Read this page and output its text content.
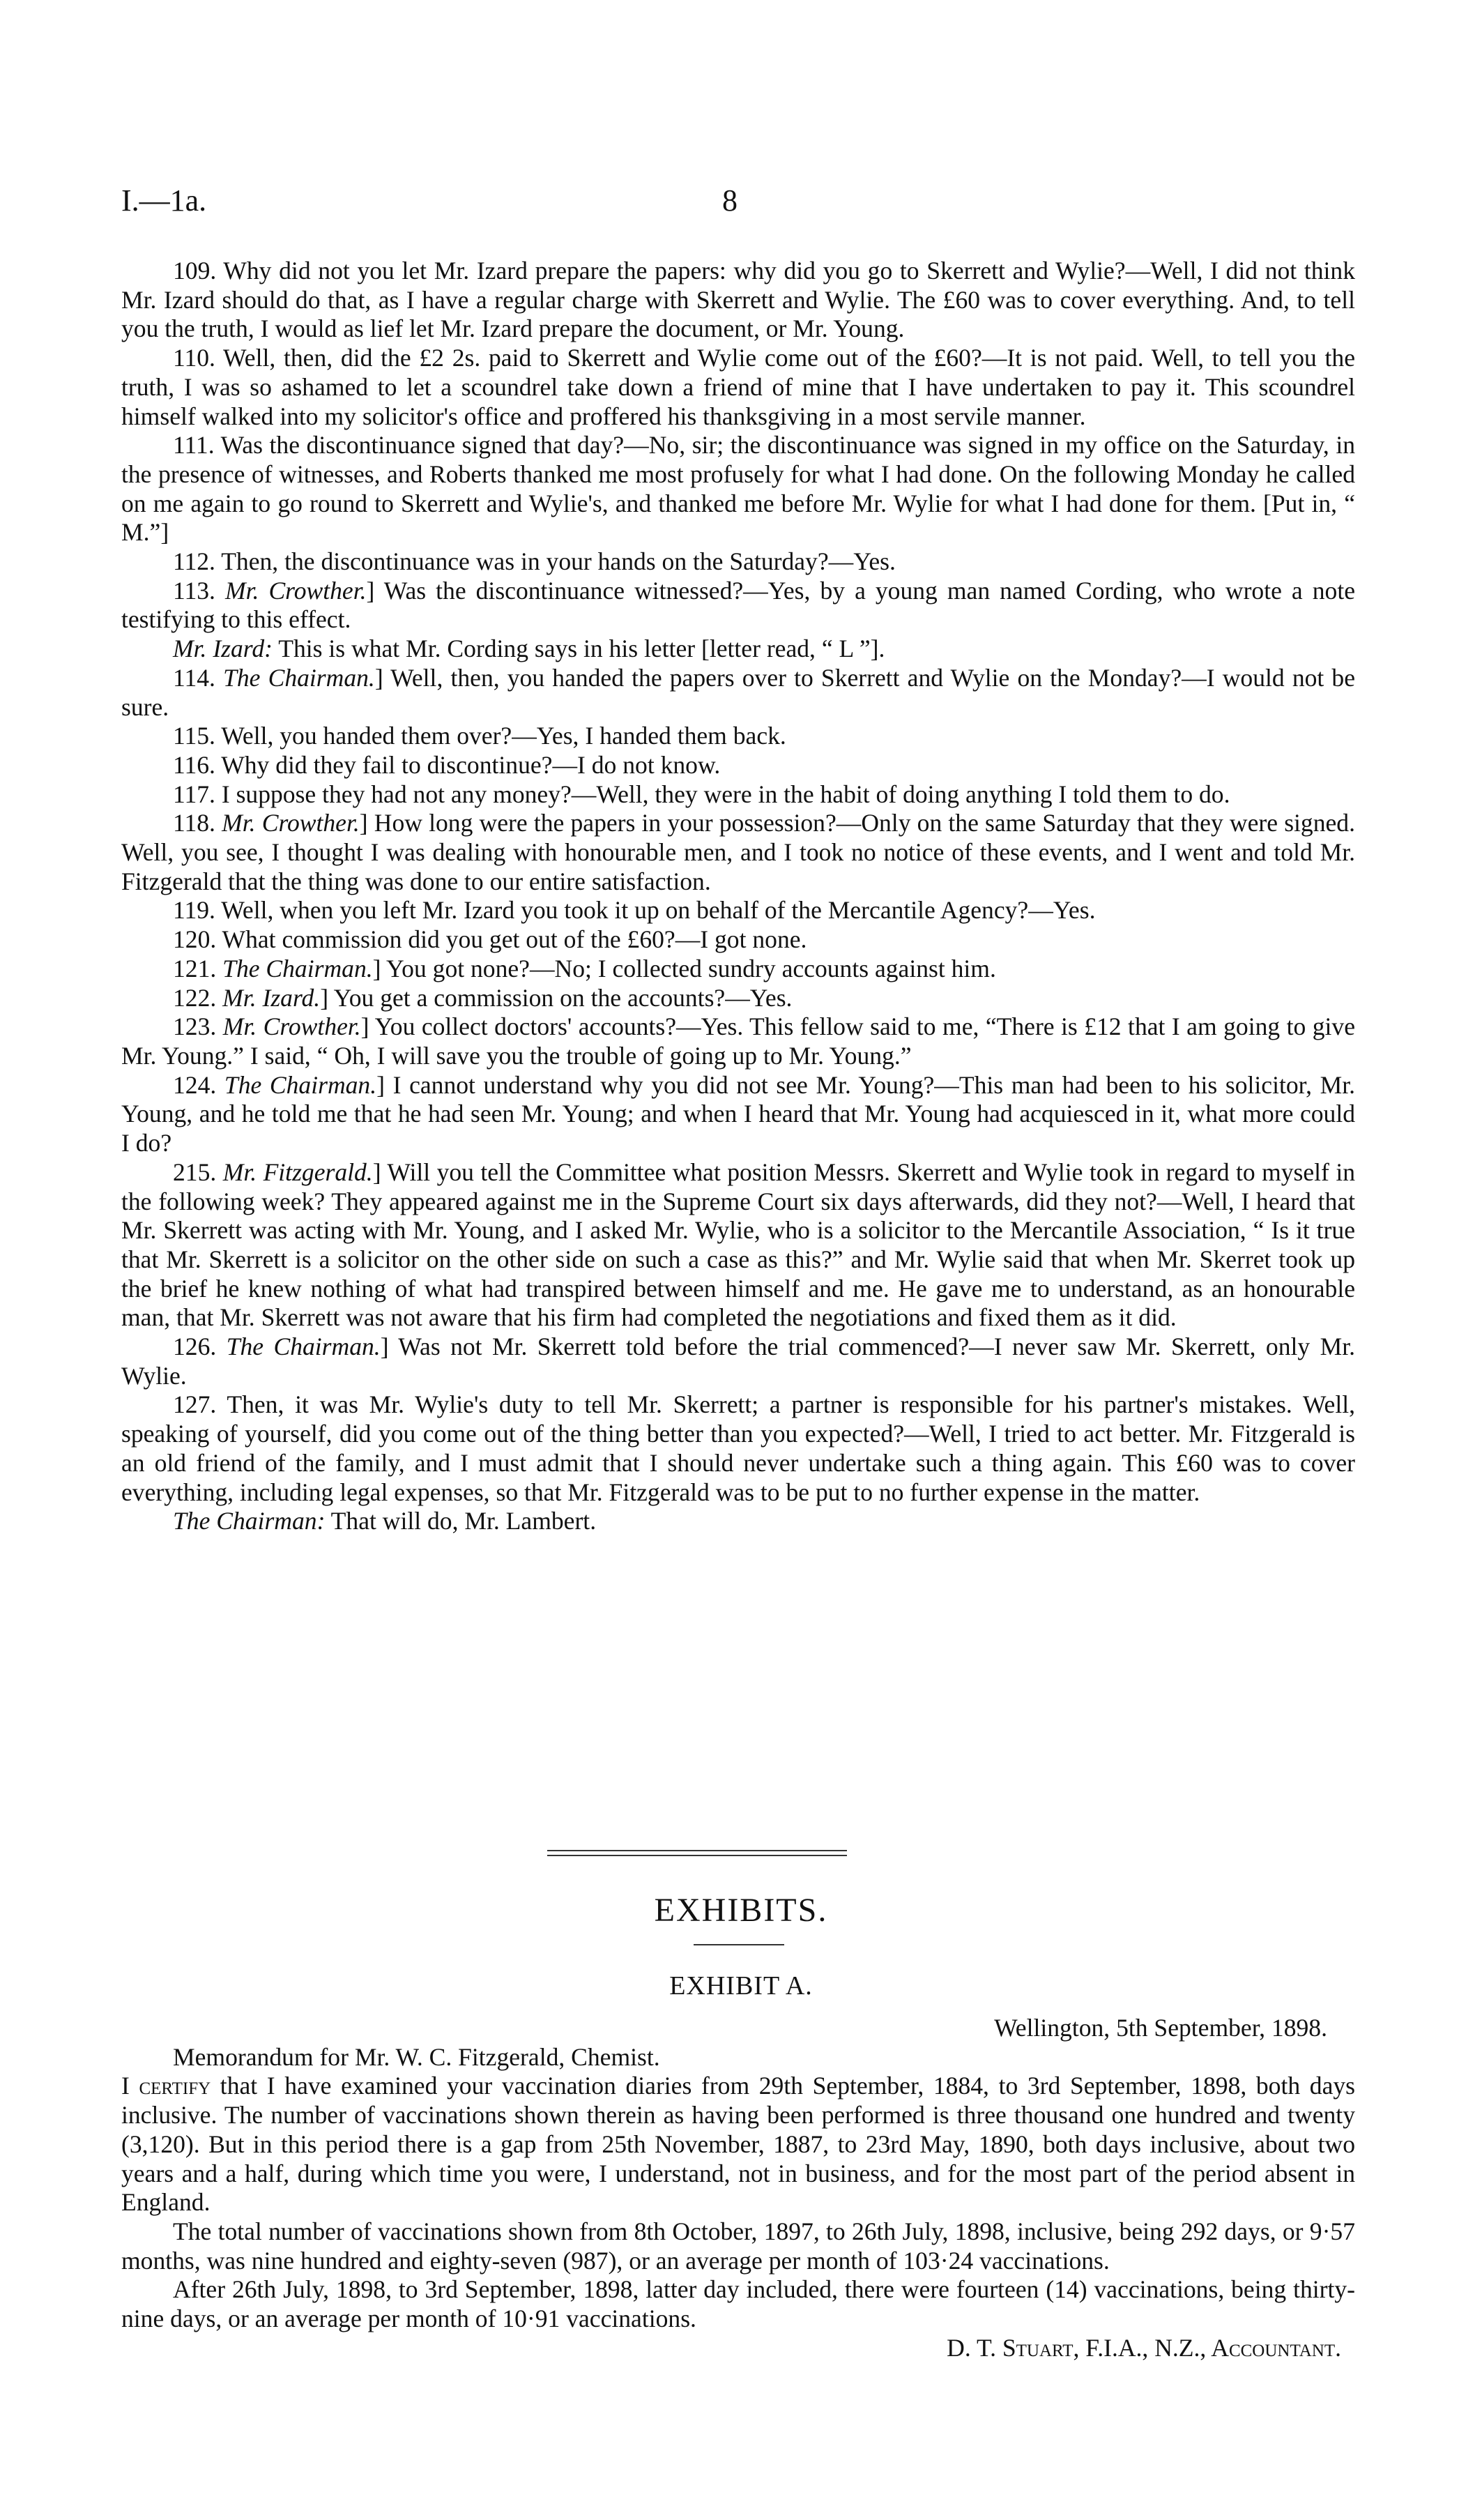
I.—1a.	8

109. Why did not you let Mr. Izard prepare the papers: why did you go to Skerrett and Wylie?—Well, I did not think Mr. Izard should do that, as I have a regular charge with Skerrett and Wylie. The £60 was to cover everything. And, to tell you the truth, I would as lief let Mr. Izard prepare the document, or Mr. Young.

110. Well, then, did the £2 2s. paid to Skerrett and Wylie come out of the £60?—It is not paid. Well, to tell you the truth, I was so ashamed to let a scoundrel take down a friend of mine that I have undertaken to pay it. This scoundrel himself walked into my solicitor's office and proffered his thanksgiving in a most servile manner.

111. Was the discontinuance signed that day?—No, sir; the discontinuance was signed in my office on the Saturday, in the presence of witnesses, and Roberts thanked me most profusely for what I had done. On the following Monday he called on me again to go round to Skerrett and Wylie's, and thanked me before Mr. Wylie for what I had done for them. [Put in, “ M.”]

112. Then, the discontinuance was in your hands on the Saturday?—Yes.

113. Mr. Crowther.] Was the discontinuance witnessed?—Yes, by a young man named Cording, who wrote a note testifying to this effect.

Mr. Izard: This is what Mr. Cording says in his letter [letter read, “ L ”].

114. The Chairman.] Well, then, you handed the papers over to Skerrett and Wylie on the Monday?—I would not be sure.

115. Well, you handed them over?—Yes, I handed them back.

116. Why did they fail to discontinue?—I do not know.

117. I suppose they had not any money?—Well, they were in the habit of doing anything I told them to do.

118. Mr. Crowther.] How long were the papers in your possession?—Only on the same Saturday that they were signed. Well, you see, I thought I was dealing with honourable men, and I took no notice of these events, and I went and told Mr. Fitzgerald that the thing was done to our entire satisfaction.

119. Well, when you left Mr. Izard you took it up on behalf of the Mercantile Agency?—Yes.

120. What commission did you get out of the £60?—I got none.

121. The Chairman.] You got none?—No; I collected sundry accounts against him.

122. Mr. Izard.] You get a commission on the accounts?—Yes.

123. Mr. Crowther.] You collect doctors' accounts?—Yes. This fellow said to me, “There is £12 that I am going to give Mr. Young.” I said, “ Oh, I will save you the trouble of going up to Mr. Young.”

124. The Chairman.] I cannot understand why you did not see Mr. Young?—This man had been to his solicitor, Mr. Young, and he told me that he had seen Mr. Young; and when I heard that Mr. Young had acquiesced in it, what more could I do?

215. Mr. Fitzgerald.] Will you tell the Committee what position Messrs. Skerrett and Wylie took in regard to myself in the following week? They appeared against me in the Supreme Court six days afterwards, did they not?—Well, I heard that Mr. Skerrett was acting with Mr. Young, and I asked Mr. Wylie, who is a solicitor to the Mercantile Association, “ Is it true that Mr. Skerrett is a solicitor on the other side on such a case as this?” and Mr. Wylie said that when Mr. Skerret took up the brief he knew nothing of what had transpired between himself and me. He gave me to understand, as an honourable man, that Mr. Skerrett was not aware that his firm had completed the negotiations and fixed them as it did.

126. The Chairman.] Was not Mr. Skerrett told before the trial commenced?—I never saw Mr. Skerrett, only Mr. Wylie.

127. Then, it was Mr. Wylie's duty to tell Mr. Skerrett; a partner is responsible for his partner's mistakes. Well, speaking of yourself, did you come out of the thing better than you expected?—Well, I tried to act better. Mr. Fitzgerald is an old friend of the family, and I must admit that I should never undertake such a thing again. This £60 was to cover everything, including legal expenses, so that Mr. Fitzgerald was to be put to no further expense in the matter.

The Chairman: That will do, Mr. Lambert.

EXHIBITS.
EXHIBIT A.

Wellington, 5th September, 1898.

Memorandum for Mr. W. C. Fitzgerald, Chemist.

I certify that I have examined your vaccination diaries from 29th September, 1884, to 3rd September, 1898, both days inclusive. The number of vaccinations shown therein as having been performed is three thousand one hundred and twenty (3,120). But in this period there is a gap from 25th November, 1887, to 23rd May, 1890, both days inclusive, about two years and a half, during which time you were, I understand, not in business, and for the most part of the period absent in England.

The total number of vaccinations shown from 8th October, 1897, to 26th July, 1898, inclusive, being 292 days, or 9·57 months, was nine hundred and eighty-seven (987), or an average per month of 103·24 vaccinations.

After 26th July, 1898, to 3rd September, 1898, latter day included, there were fourteen (14) vaccinations, being thirty-nine days, or an average per month of 10·91 vaccinations.

D. T. Stuart, F.I.A., N.Z., Accountant.
